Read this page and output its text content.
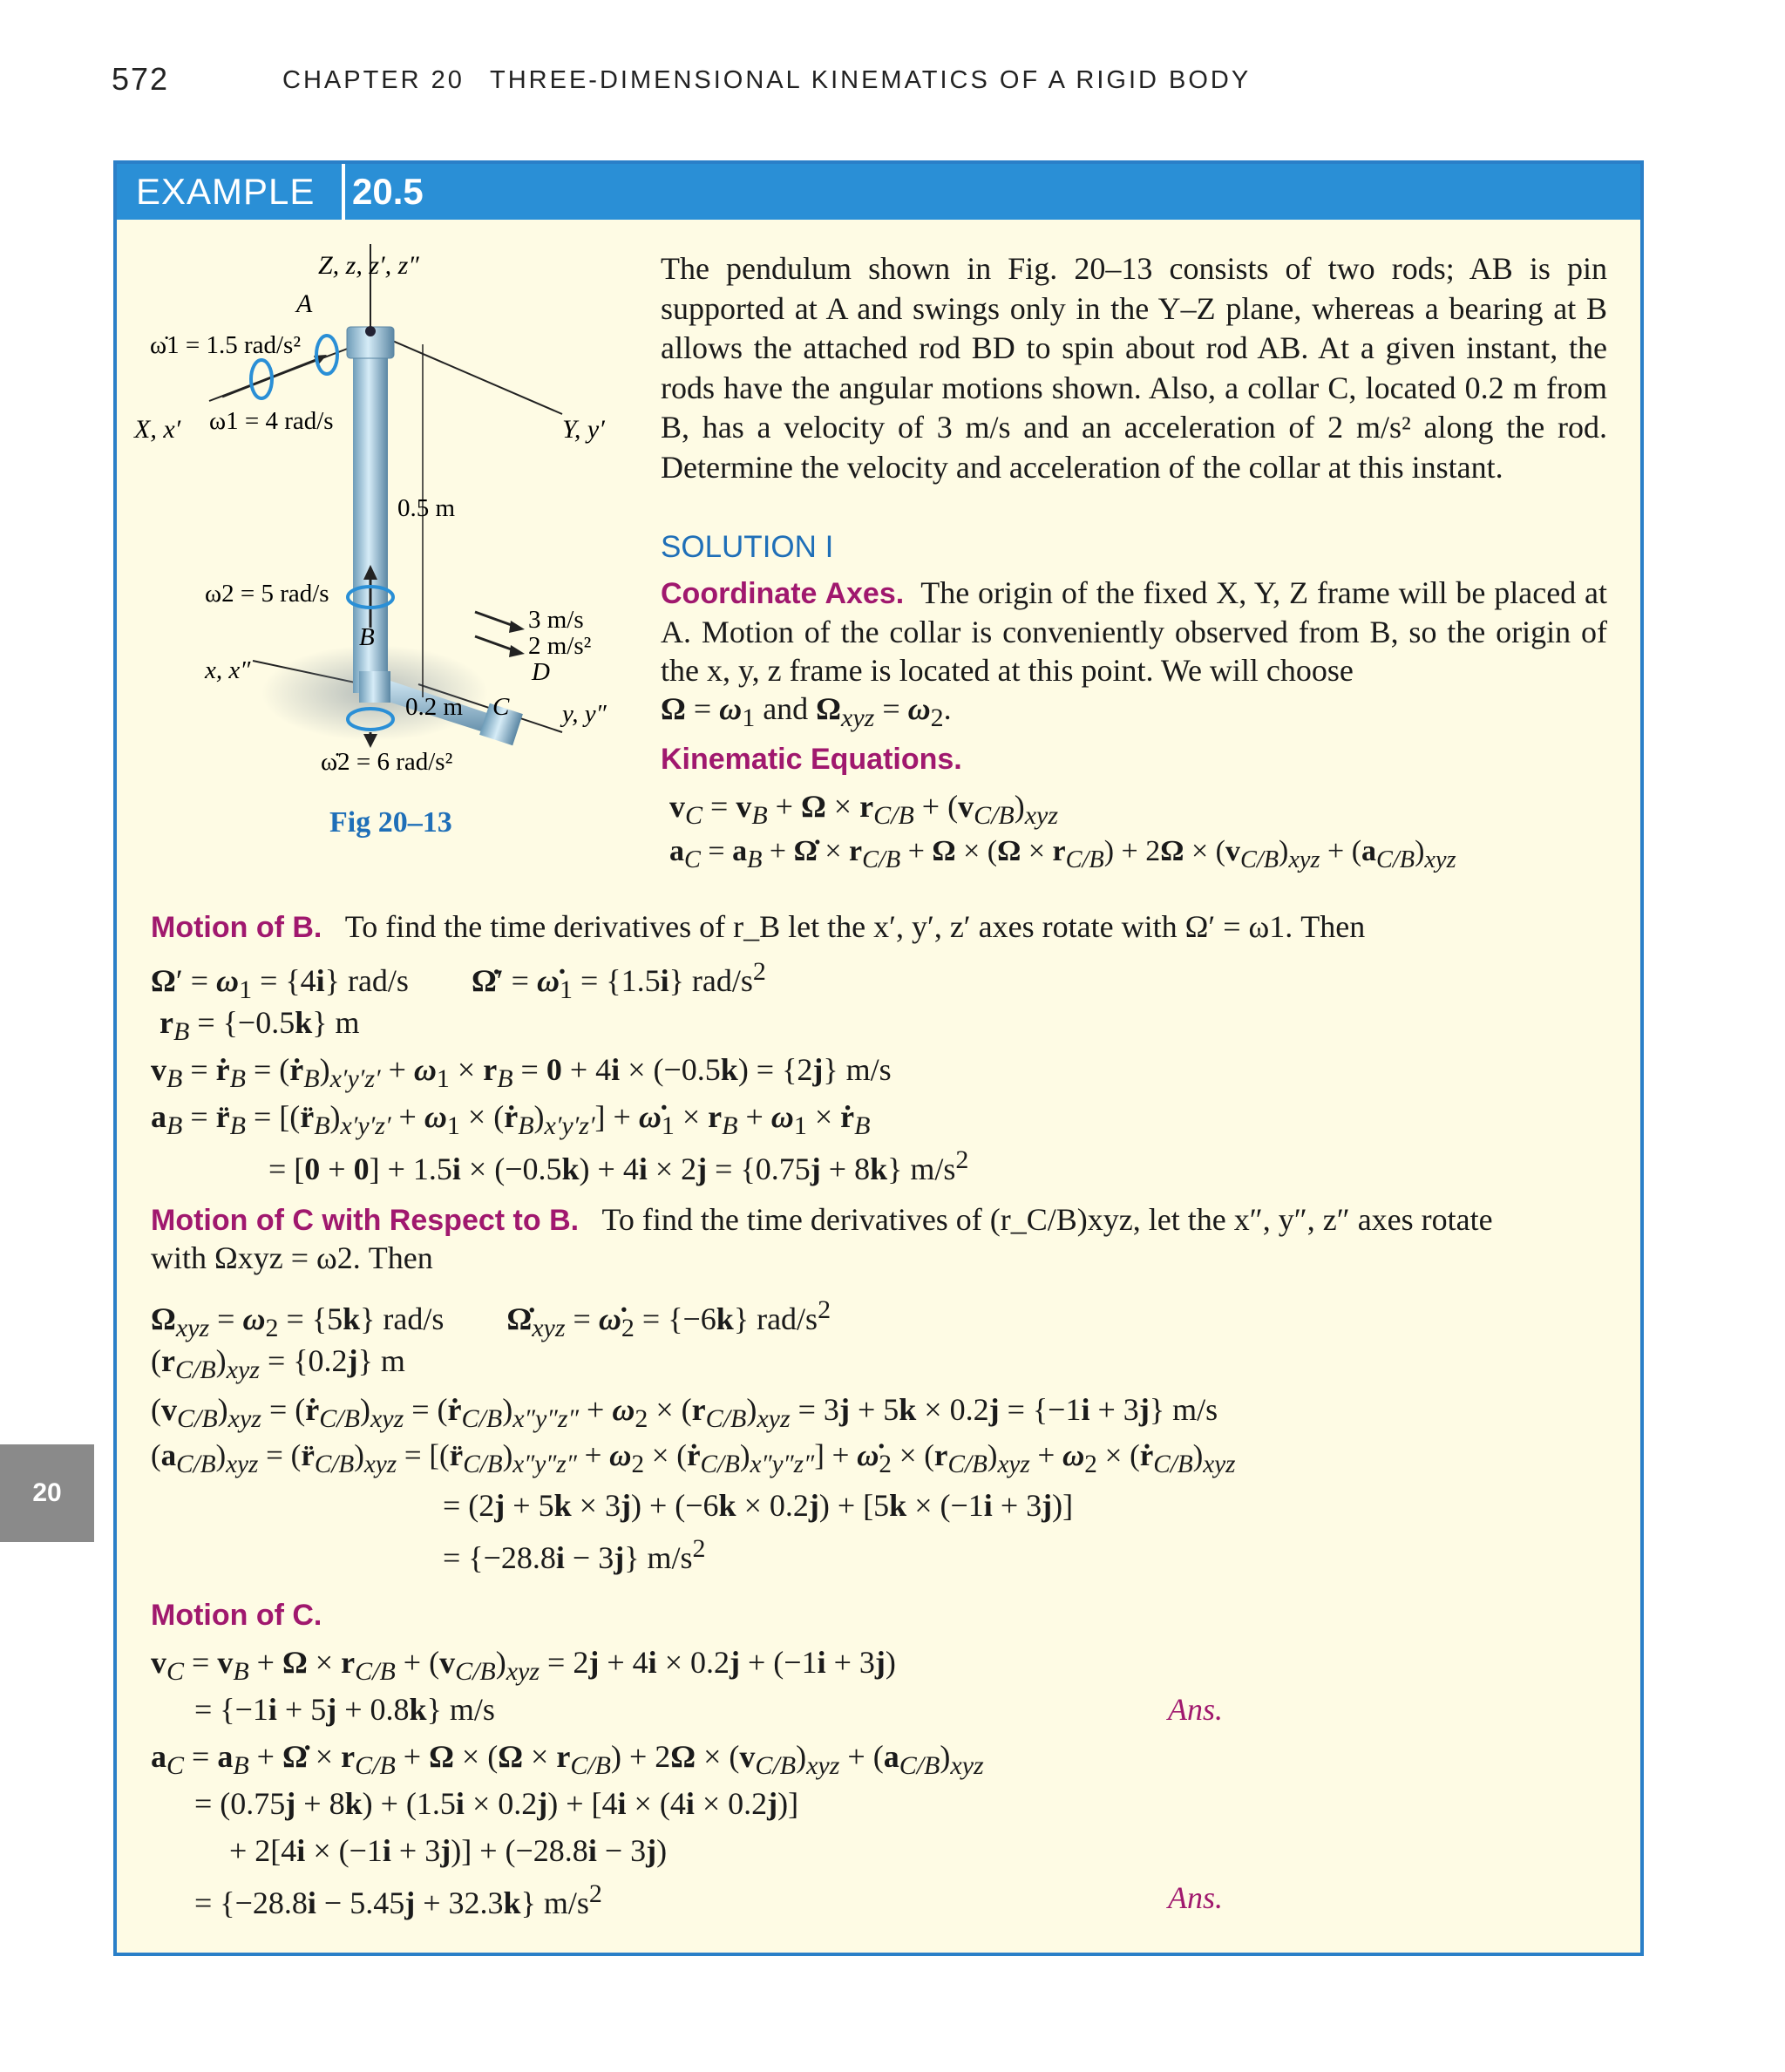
572	CHAPTER 20 THREE-DIMENSIONAL KINEMATICS OF A RIGID BODY
EXAMPLE 20.5
Z, z, z′, z″
A
ω̇1 = 1.5 rad/s²
ω1 = 4 rad/s
X, x′	Y, y′
0.5 m
ω2 = 5 rad/s
3 m/s
2 m/s²
B
D
x, x″
0.2 m C y, y″
ω̇2 = 6 rad/s²
Fig 20–13
The pendulum shown in Fig. 20–13 consists of two rods; AB is pin supported at A and swings only in the Y–Z plane, whereas a bearing at B allows the attached rod BD to spin about rod AB. At a given instant, the rods have the angular motions shown. Also, a collar C, located 0.2 m from B, has a velocity of 3 m/s and an acceleration of 2 m/s² along the rod. Determine the velocity and acceleration of the collar at this instant.
SOLUTION I
Coordinate Axes. The origin of the fixed X, Y, Z frame will be placed at A. Motion of the collar is conveniently observed from B, so the origin of the x, y, z frame is located at this point. We will choose
$\Omega = \omega_1$ and $\Omega_{xyz} = \omega_2$.
Kinematic Equations.
$v_C = v_B + \Omega \times r_{C/B} + (v_{C/B})_{xyz}$
$a_C = a_B$ + Ω̇ × $r_{C/B} + \Omega \times (\Omega \times r_{C/B}) + 2\Omega \times (v_{C/B})_{xyz} + (a_{C/B})_{xyz}$
Motion of B. To find the time derivatives of r_B let the x′, y′, z′ axes rotate with Ω′ = ω1. Then
$\Omega' = \omega_1 = \{4i\}$ rad/s        Ω̇′ = $\omegȧ_1 = \{1.5i\}$ rad/$s^2$
$r_B = \{-0.5k\}$ m
$v_B$ = ṙ$_B$ = $(ṙ_B)_{x'y'z'} + \omega_1 \times r_B = 0 + 4i \times (-0.5k) = \{2j\}$ m/s
$a_B$ = $r̈_B$ = [$(r̈_B)_{x'y'z'} + \omega_1$ × $(ṙ_B)_{x'y'z'}$] + $\omegȧ_1 \times r_B + \omega_1$ × ṙ$_B$
= [0 + 0] + 1.5i × (−0.5k) + 4i × 2j = {0.75j + 8k} $m/s^2$
Motion of C with Respect to B. To find the time derivatives of (r_C/B)xyz, let the x″, y″, z″ axes rotate
with Ωxyz = ω2. Then
$\Omega_{xyz} = \omega_2 = \{5k\}$ rad/s        $\Omegȧ_{xyz}$ = $\omegȧ_2 = \{-6k\}$ rad/$s^2$
$(r_{C/B})_{xyz} = \{0.2j\}$ m
$(v_{C/B})_{xyz}$ = $(ṙ_{C/B})_{xyz}$ = $(ṙ_{C/B})_{x''y''z''} + \omega_2 \times (r_{C/B})_{xyz} = 3j + 5k \times 0.2j = \{-1i + 3j\}$ m/s
$(a_{C/B})_{xyz}$ = $(r̈_{C/B})_{xyz}$ = [$(r̈_{C/B})_{x''y''z''} + \omega_2$ × $(ṙ_{C/B})_{x''y''z''}$] + $\omegȧ_2 \times (r_{C/B})_{xyz} + \omega_2$ × $(ṙ_{C/B})_{xyz}$
= (2j + 5k × 3j) + (−6k × 0.2j) + [5k × (−1i + 3j)]
= {−28.8i − 3j} $m/s^2$
Motion of C.
$v_C = v_B + \Omega \times r_{C/B} + (v_{C/B})_{xyz} = 2j + 4i \times 0.2j + (-1i + 3j)$
= {−1i + 5j + 0.8k} m/s	Ans.
$a_C = a_B$ + Ω̇ × $r_{C/B} + \Omega \times (\Omega \times r_{C/B}) + 2\Omega \times (v_{C/B})_{xyz} + (a_{C/B})_{xyz}$
= (0.75j + 8k) + (1.5i × 0.2j) + [4i × (4i × 0.2j)]
+ 2[4i × (−1i + 3j)] + (−28.8i − 3j)
= {−28.8i − 5.45j + 32.3k} $m/s^2$	Ans.
20
